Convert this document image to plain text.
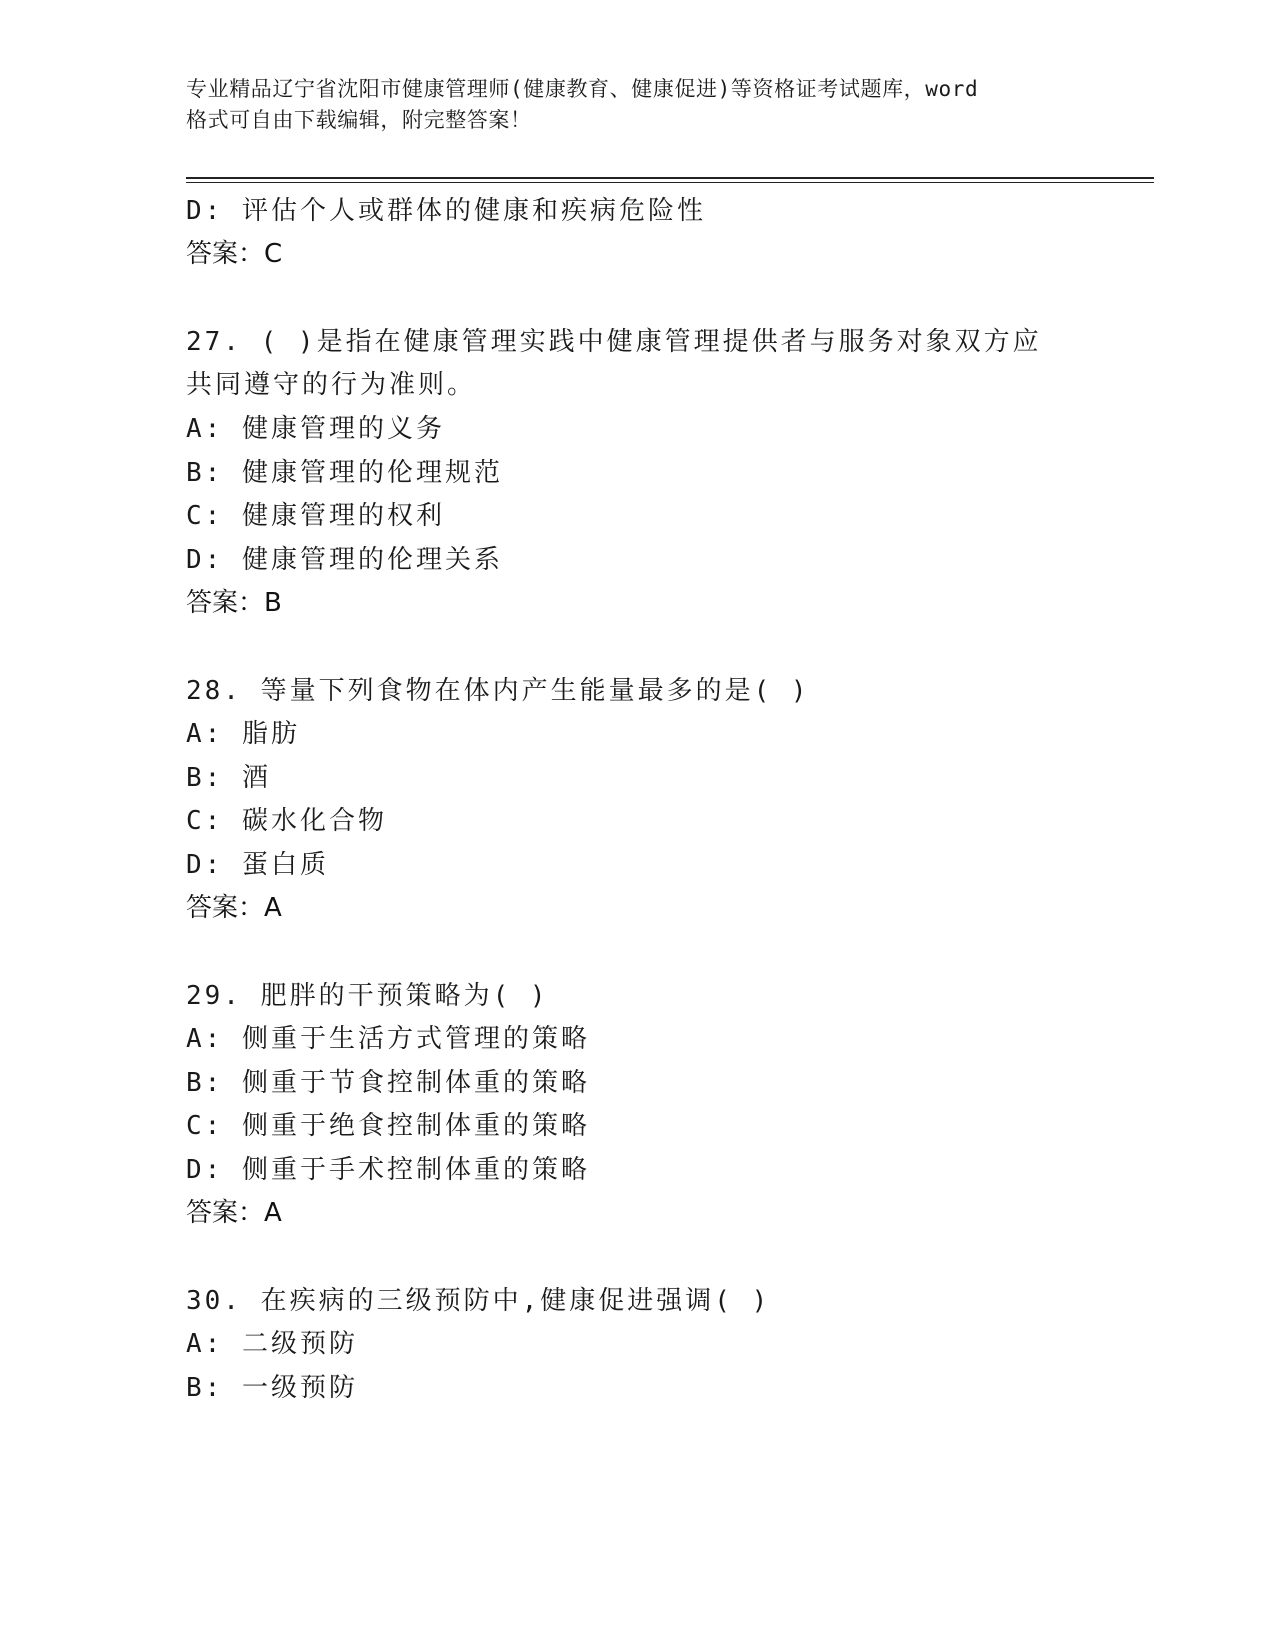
专业精品辽宁省沈阳市健康管理师(健康教育、健康促进)等资格证考试题库，word
格式可自由下载编辑，附完整答案！
D: 评估个人或群体的健康和疾病危险性
答案：C
27. ( )是指在健康管理实践中健康管理提供者与服务对象双方应
共同遵守的行为准则。
A: 健康管理的义务
B: 健康管理的伦理规范
C: 健康管理的权利
D: 健康管理的伦理关系
答案：B
28. 等量下列食物在体内产生能量最多的是( )
A: 脂肪
B: 酒
C: 碳水化合物
D: 蛋白质
答案：A
29. 肥胖的干预策略为( )
A: 侧重于生活方式管理的策略
B: 侧重于节食控制体重的策略
C: 侧重于绝食控制体重的策略
D: 侧重于手术控制体重的策略
答案：A
30. 在疾病的三级预防中,健康促进强调( )
A: 二级预防
B: 一级预防
